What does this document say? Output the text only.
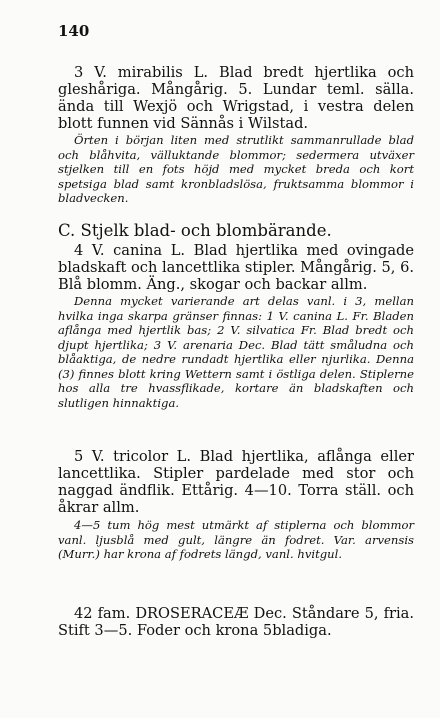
140

3 V. mirabilis L. Blad bredt hjertlika och gleshåriga. Mångårig. 5. Lundar teml. sälla. ända till Wexjö och Wrigstad, i vestra delen blott funnen vid Sännås i Wilstad.

Örten i början liten med strutlikt sammanrullade blad och blåhvita, välluktande blommor; sedermera utväxer stjelken till en fots höjd med mycket breda och kort spetsiga blad samt kronbladslösa, fruktsamma blommor i bladvecken.

C. Stjelk blad- och blombärande.

4 V. canina L. Blad hjertlika med ovingade bladskaft och lancettlika stipler. Mångårig. 5, 6. Blå blomm. Äng., skogar och backar allm.

Denna mycket varierande art delas vanl. i 3, mellan hvilka inga skarpa gränser finnas: 1 V. canina L. Fr. Bladen aflånga med hjertlik bas; 2 V. silvatica Fr. Blad bredt och djupt hjertlika; 3 V. arenaria Dec. Blad tätt småludna och blåaktiga, de nedre rundadt hjertlika eller njurlika. Denna (3) finnes blott kring Wettern samt i östliga delen. Stiplerne hos alla tre hvassflikade, kortare än bladskaften och slutligen hinnaktiga.

5 V. tricolor L. Blad hjertlika, aflånga eller lancettlika. Stipler pardelade med stor och naggad ändflik. Ettårig. 4—10. Torra ställ. och åkrar allm.

4—5 tum hög mest utmärkt af stiplerna och blommor vanl. ljusblå med gult, längre än fodret. Var. arvensis (Murr.) har krona af fodrets längd, vanl. hvitgul.

42 fam. DROSERACEÆ Dec. Ståndare 5, fria. Stift 3—5. Foder och krona 5bladiga.
